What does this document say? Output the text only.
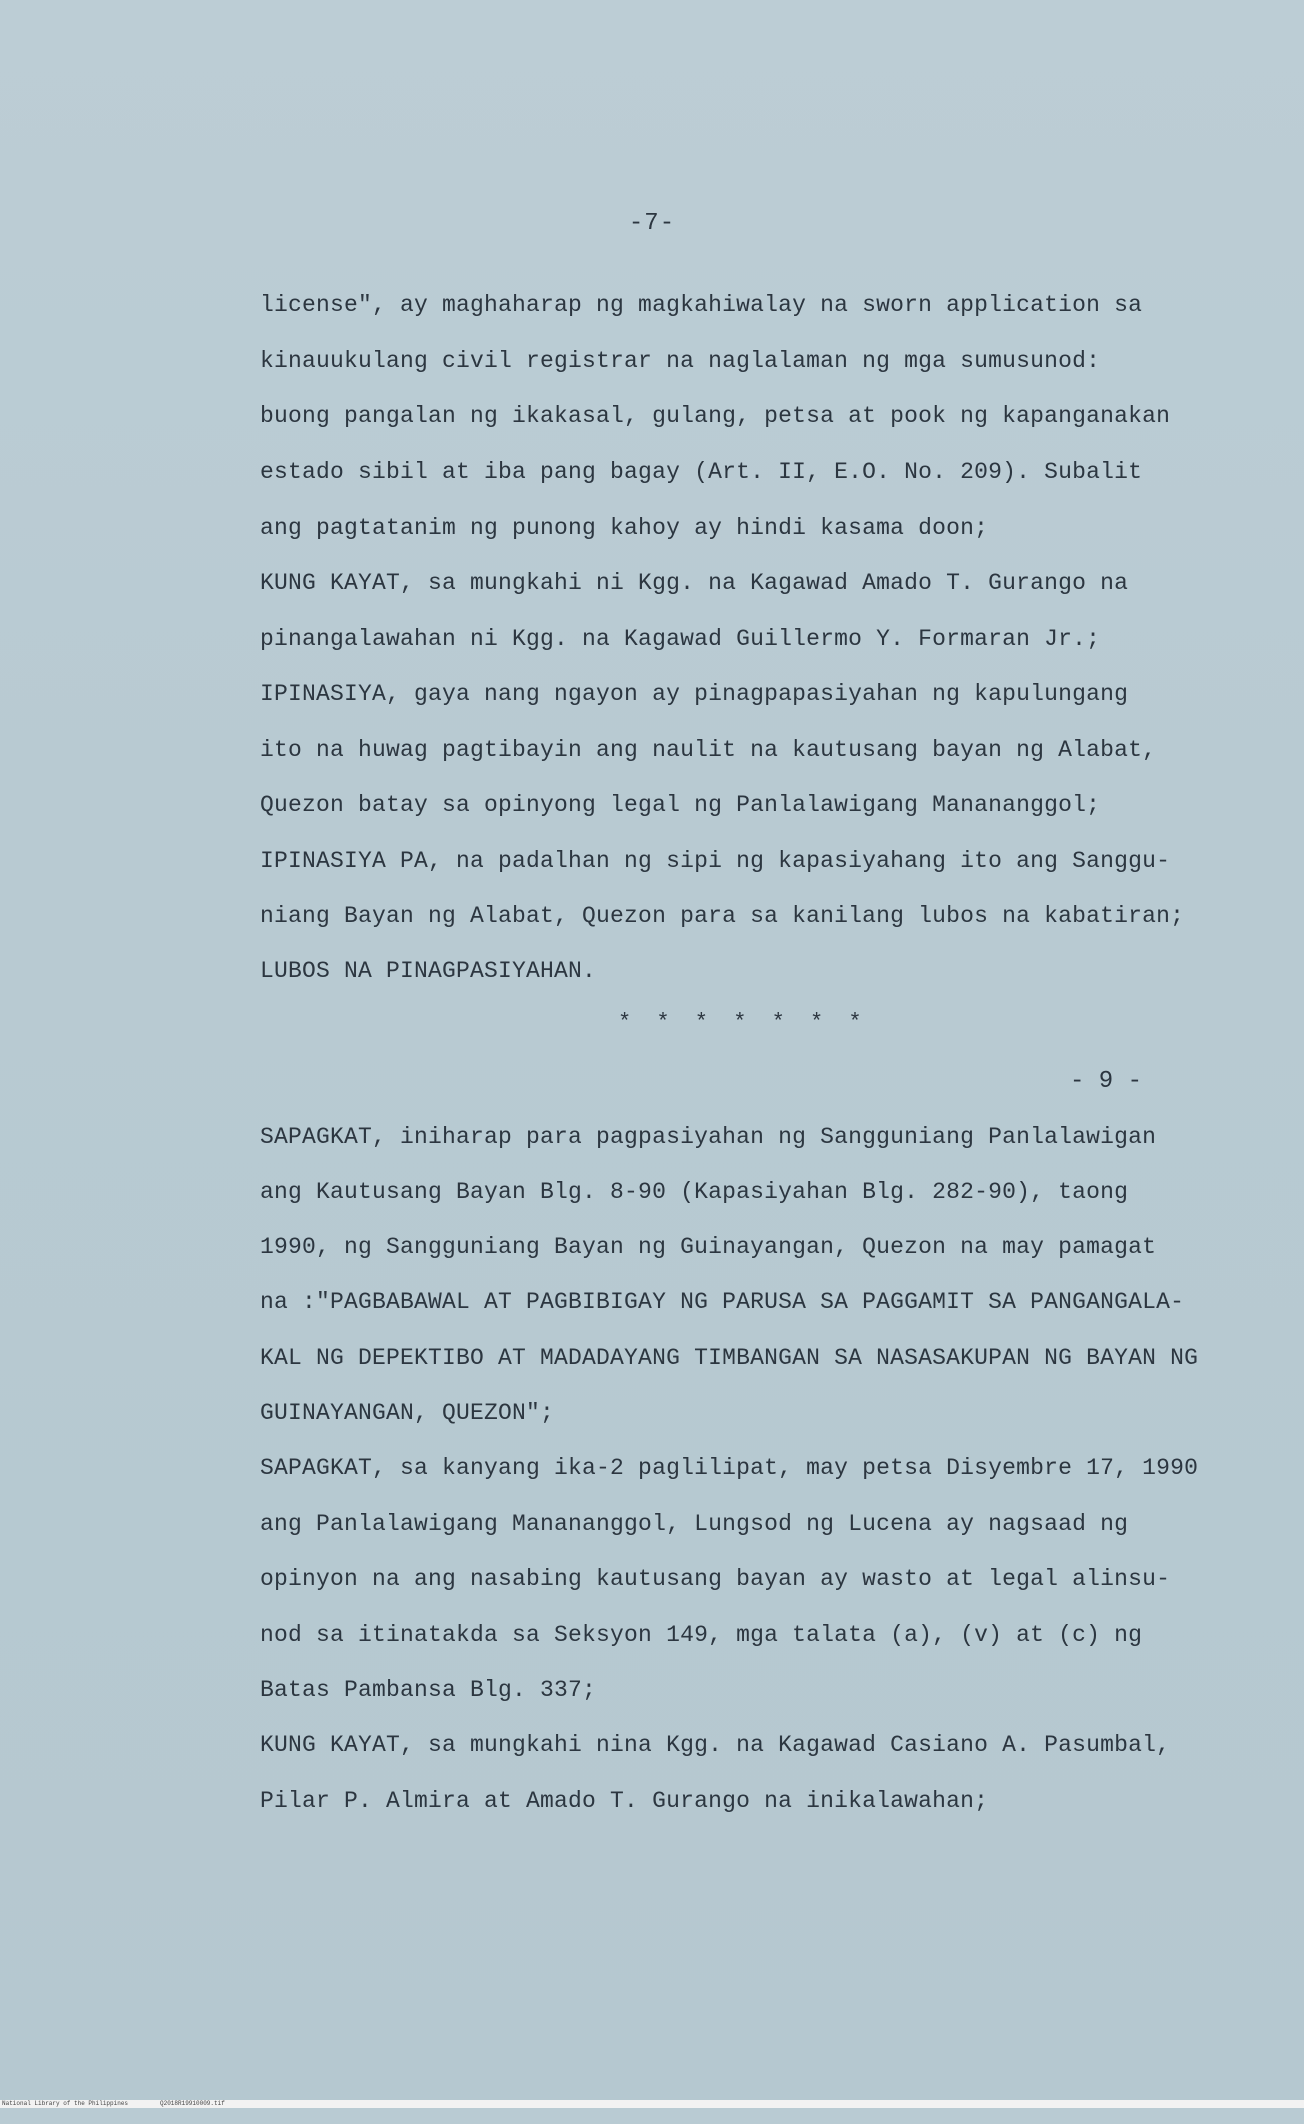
-7-
license", ay maghaharap ng magkahiwalay na sworn application sa
kinauukulang civil registrar na naglalaman ng mga sumusunod:
buong pangalan ng ikakasal, gulang, petsa at pook ng kapanganakan
estado sibil at iba pang bagay (Art. II, E.O. No. 209). Subalit
ang pagtatanim ng punong kahoy ay hindi kasama doon;
KUNG KAYAT, sa mungkahi ni Kgg. na Kagawad Amado T. Gurango na
pinangalawahan ni Kgg. na Kagawad Guillermo Y. Formaran Jr.;
IPINASIYA, gaya nang ngayon ay pinagpapasiyahan ng kapulungang
ito na huwag pagtibayin ang naulit na kautusang bayan ng Alabat,
Quezon batay sa opinyong legal ng Panlalawigang Manananggol;
IPINASIYA PA, na padalhan ng sipi ng kapasiyahang ito ang Sanggu-
niang Bayan ng Alabat, Quezon para sa kanilang lubos na kabatiran;
LUBOS NA PINAGPASIYAHAN.
* * * * * * *
- 9 -
SAPAGKAT, iniharap para pagpasiyahan ng Sangguniang Panlalawigan
ang Kautusang Bayan Blg. 8-90 (Kapasiyahan Blg. 282-90), taong
1990, ng Sangguniang Bayan ng Guinayangan, Quezon na may pamagat
na :"PAGBABAWAL AT PAGBIBIGAY NG PARUSA SA PAGGAMIT SA PANGANGALA-
KAL NG DEPEKTIBO AT MADADAYANG TIMBANGAN SA NASASAKUPAN NG BAYAN NG
GUINAYANGAN, QUEZON";
SAPAGKAT, sa kanyang ika-2 paglilipat, may petsa Disyembre 17, 1990
ang Panlalawigang Manananggol, Lungsod ng Lucena ay nagsaad ng
opinyon na ang nasabing kautusang bayan ay wasto at legal alinsu-
nod sa itinatakda sa Seksyon 149, mga talata (a), (v) at (c) ng
Batas Pambansa Blg. 337;
KUNG KAYAT, sa mungkahi nina Kgg. na Kagawad Casiano A. Pasumbal,
Pilar P. Almira at Amado T. Gurango na inikalawahan;

National Library of the Philippines

	Q2018R19910009.tif
